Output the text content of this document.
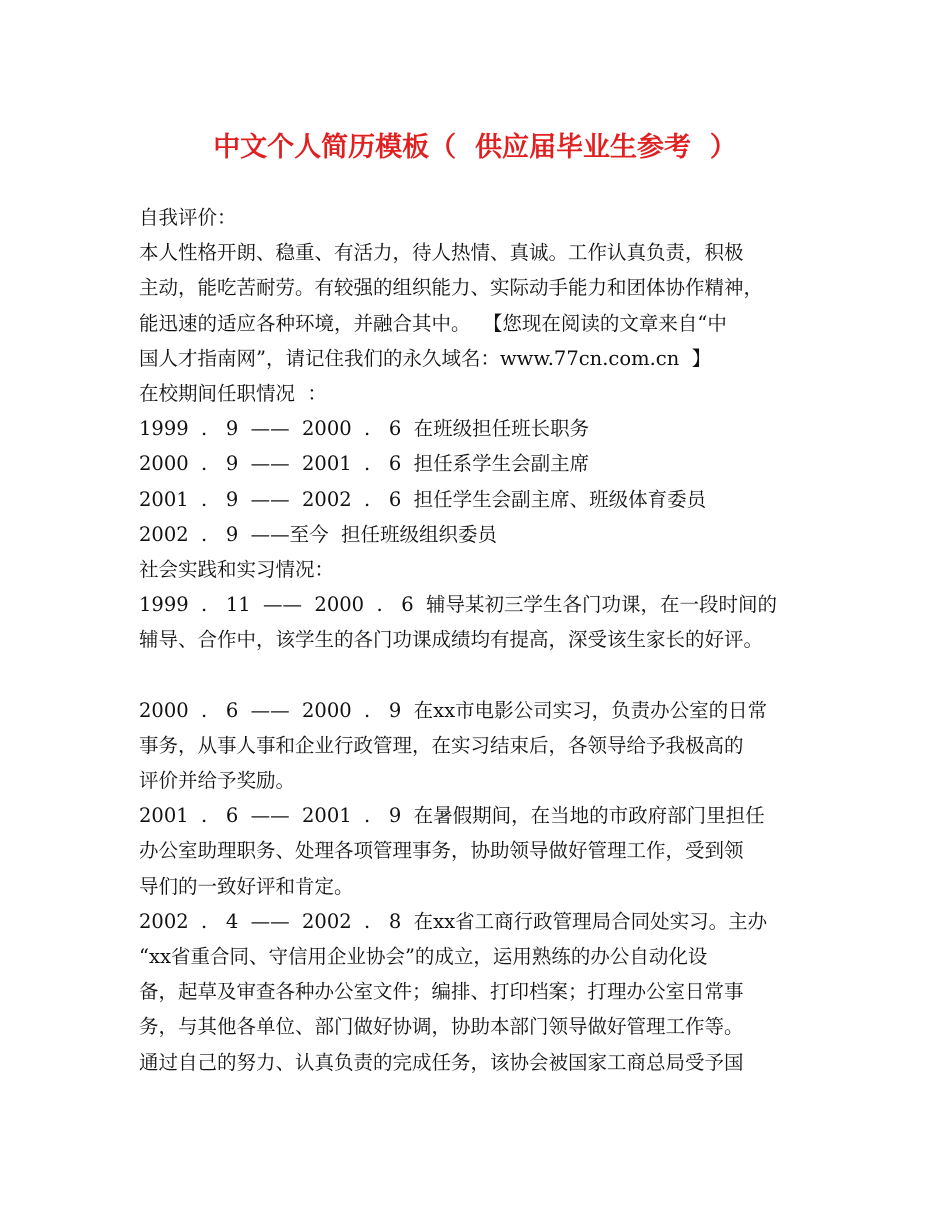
中文个人简历模板（  供应届毕业生参考  ）
自我评价：
本人性格开朗、稳重、有活力，待人热情、真诚。工作认真负责，积极
主动，能吃苦耐劳。有较强的组织能力、实际动手能力和团体协作精神，
能迅速的适应各种环境，并融合其中。  【您现在阅读的文章来自“中
国人才指南网”，请记住我们的永久域名：www.77cn.com.cn  】
在校期间任职情况  ：
1999  .   9  ——  2000  .   6  在班级担任班长职务
2000  .   9  ——  2001  .   6  担任系学生会副主席
2001  .   9  ——  2002  .   6  担任学生会副主席、班级体育委员
2002  .   9  ——至今  担任班级组织委员
社会实践和实习情况：
1999  .   11  ——  2000  .   6  辅导某初三学生各门功课，在一段时间的
辅导、合作中，该学生的各门功课成绩均有提高，深受该生家长的好评。
2000  .   6  ——  2000  .   9  在xx市电影公司实习，负责办公室的日常
事务，从事人事和企业行政管理，在实习结束后，各领导给予我极高的
评价并给予奖励。
2001  .   6  ——  2001  .   9  在暑假期间，在当地的市政府部门里担任
办公室助理职务、处理各项管理事务，协助领导做好管理工作，受到领
导们的一致好评和肯定。
2002  .   4  ——  2002  .   8  在xx省工商行政管理局合同处实习。主办
“xx省重合同、守信用企业协会”的成立，运用熟练的办公自动化设
备，起草及审查各种办公室文件；编排、打印档案；打理办公室日常事
务，与其他各单位、部门做好协调，协助本部门领导做好管理工作等。
通过自己的努力、认真负责的完成任务，该协会被国家工商总局受予国
